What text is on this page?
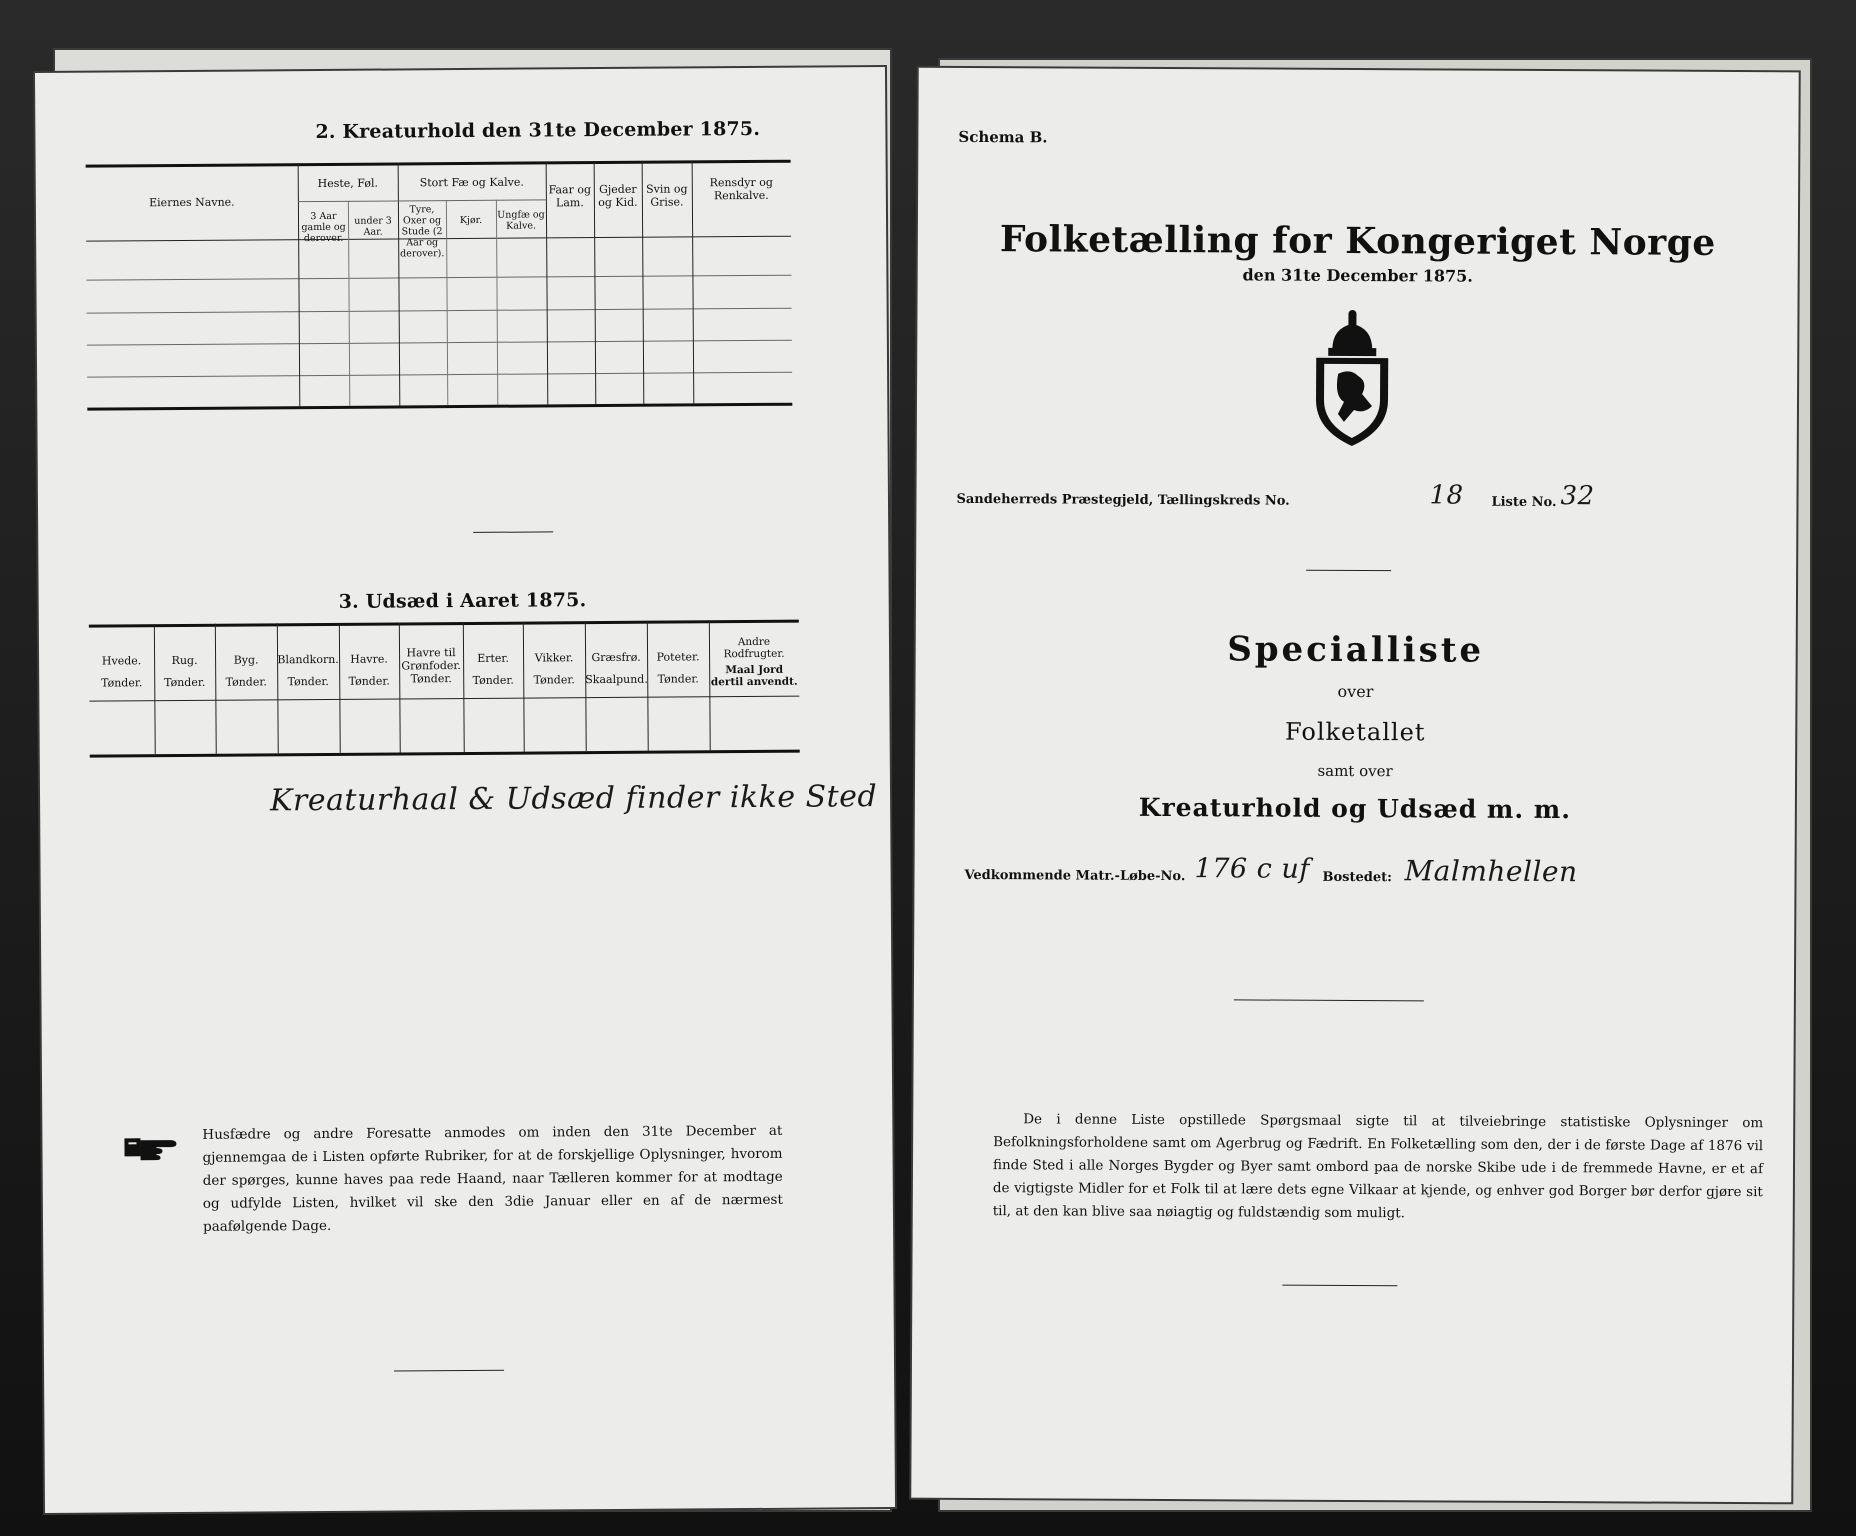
2. Kreaturhold den 31te December 1875.
Eiernes Navne.
Heste, Føl.
3 Aar gamle og derover.
under 3 Aar.
Stort Fæ og Kalve.
Tyre, Oxer og Stude (2 Aar og derover).
Kjør.	Ungfæ og Kalve.
Faar og Lam.
Gjeder og Kid.
Svin og Grise.
Rensdyr og Renkalve.
3. Udsæd i Aaret 1875.
Hvede.
Tønder.
Rug.
Tønder.
Byg.
Tønder.
Blandkorn.
Tønder.
Havre.
Tønder.
Havre til Grønfoder.
Tønder.
Erter.
Tønder.
Vikker.
Tønder.
Græsfrø.
Skaalpund.
Poteter.
Tønder.
Andre Rodfrugter.
Maal Jord dertil anvendt.
Kreaturhaal & Udsæd finder ikke Sted
Husfædre og andre Foresatte anmodes om inden den 31te December at gjennemgaa de i Listen opførte Rubriker, for at de forskjellige Oplysninger, hvorom der spørges, kunne haves paa rede Haand, naar Tælleren kommer for at modtage og udfylde Listen, hvilket vil ske den 3die Januar eller en af de nærmest paafølgende Dage.
Schema B.
Folketælling for Kongeriget Norge
den 31te December 1875.
Sandeherreds Præstegjeld, Tællingskreds No.	18 Liste No. 32
Specialliste
over
Folketallet
samt over
Kreaturhold og Udsæd m. m.
Vedkommende Matr.-Løbe-No. 176 c uf Bostedet: Malmhellen
De i denne Liste opstillede Spørgsmaal sigte til at tilveiebringe statistiske Oplysninger om Befolkningsforholdene samt om Agerbrug og Fædrift. En Folketælling som den, der i de første Dage af 1876 vil finde Sted i alle Norges Bygder og Byer samt ombord paa de norske Skibe ude i de fremmede Havne, er et af de vigtigste Midler for et Folk til at lære dets egne Vilkaar at kjende, og enhver god Borger bør derfor gjøre sit til, at den kan blive saa nøiagtig og fuldstændig som muligt.
